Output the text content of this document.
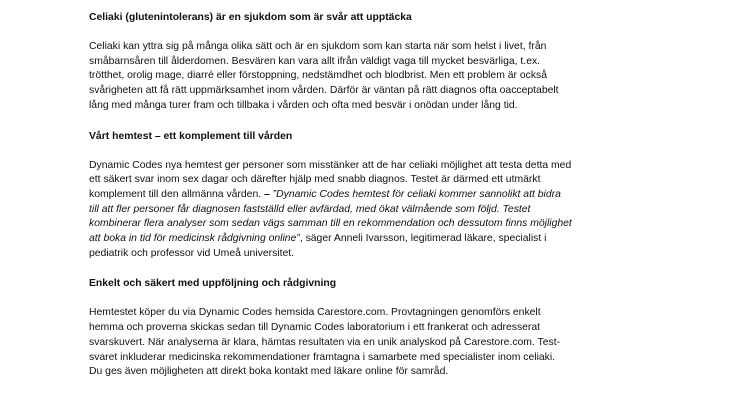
Celiaki (glutenintolerans) är en sjukdom som är svår att upptäcka
Celiaki kan yttra sig på många olika sätt och är en sjukdom som kan starta när som helst i livet, från
småbarnsåren till ålderdomen. Besvären kan vara allt ifrån väldigt vaga till mycket besvärliga, t.ex.
trötthet, orolig mage, diarré eller förstoppning, nedstämdhet och blodbrist. Men ett problem är också
svårigheten att få rätt uppmärksamhet inom vården. Därför är väntan på rätt diagnos ofta oacceptabelt
lång med många turer fram och tillbaka i vården och ofta med besvär i onödan under lång tid.
Vårt hemtest – ett komplement till vården
Dynamic Codes nya hemtest ger personer som misstänker att de har celiaki möjlighet att testa detta med
ett säkert svar inom sex dagar och därefter hjälp med snabb diagnos. Testet är därmed ett utmärkt
komplement till den allmänna vården. – ”Dynamic Codes hemtest för celiaki kommer sannolikt att bidra
till att fler personer får diagnosen fastställd eller avfärdad, med ökat välmående som följd. Testet
kombinerar flera analyser som sedan vägs samman till en rekommendation och dessutom finns möjlighet
att boka in tid för medicinsk rådgivning online”, säger Anneli Ivarsson, legitimerad läkare, specialist i
pediatrik och professor vid Umeå universitet.
Enkelt och säkert med uppföljning och rådgivning
Hemtestet köper du via Dynamic Codes hemsida Carestore.com. Provtagningen genomförs enkelt
hemma och proverna skickas sedan till Dynamic Codes laboratorium i ett frankerat och adresserat
svarskuvert. När analyserna är klara, hämtas resultaten via en unik analyskod på Carestore.com. Test-
svaret inkluderar medicinska rekommendationer framtagna i samarbete med specialister inom celiaki.
Du ges även möjligheten att direkt boka kontakt med läkare online för samråd.
